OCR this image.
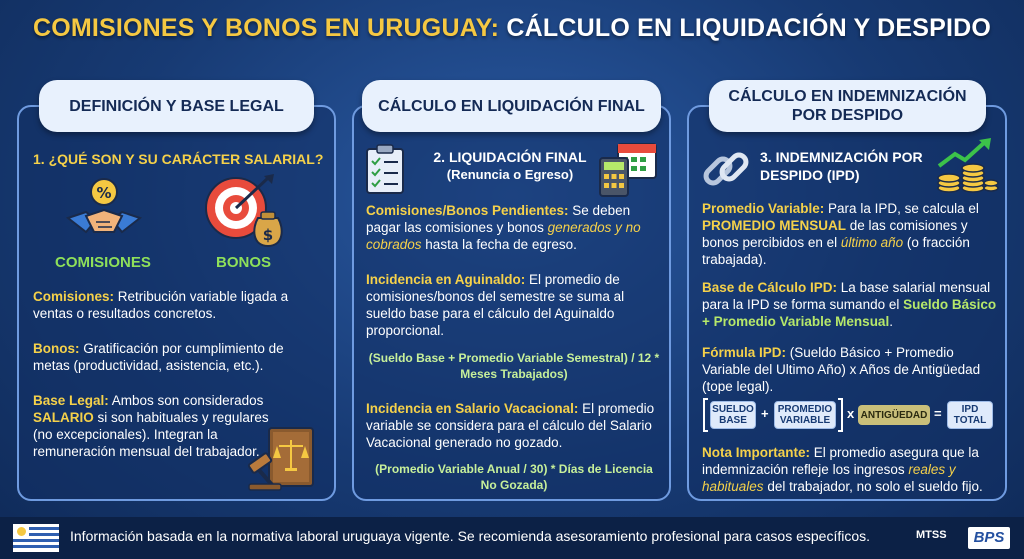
COMISIONES Y BONOS EN URUGUAY: CÁLCULO EN LIQUIDACIÓN Y DESPIDO
DEFINICIÓN Y BASE LEGAL	CÁLCULO EN LIQUIDACIÓN FINAL
CÁLCULO EN INDEMNIZACIÓN POR DESPIDO
1. ¿QUÉ SON Y SU CARÁCTER SALARIAL?
%
COMISIONES
$
BONOS
Comisiones: Retribución variable ligada a ventas o resultados concretos.
Bonos: Gratificación por cumplimiento de metas (productividad, asistencia, etc.).
Base Legal: Ambos son considerados SALARIO si son habituales y regulares (no excepcionales). Integran la remuneración mensual del trabajador.
2. LIQUIDACIÓN FINAL
(Renuncia o Egreso)
Comisiones/Bonos Pendientes: Se deben pagar las comisiones y bonos generados y no cobrados hasta la fecha de egreso.
Incidencia en Aguinaldo: El promedio de comisiones/bonos del semestre se suma al sueldo base para el cálculo del Aguinaldo proporcional.
(Sueldo Base + Promedio Variable Semestral) / 12 * Meses Trabajados)
Incidencia en Salario Vacacional: El promedio variable se considera para el cálculo del Salario Vacacional generado no gozado.
(Promedio Variable Anual / 30) * Días de Licencia No Gozada)
3. INDEMNIZACIÓN POR DESPIDO (IPD)
Promedio Variable: Para la IPD, se calcula el PROMEDIO MENSUAL de las comisiones y bonos percibidos en el último año (o fracción trabajada).
Base de Cálculo IPD: La base salarial mensual para la IPD se forma sumando el Sueldo Básico + Promedio Variable Mensual.
Fórmula IPD: (Sueldo Básico + Promedio Variable del Ultimo Año) x Años de Antigüedad (tope legal).
SUELDO BASE	+ PROMEDIO VARIABLE	x ANTIGÜEDAD =	IPD TOTAL
Nota Importante: El promedio asegura que la indemnización refleje los ingresos reales y habituales del trabajador, no solo el sueldo fijo.
Información basada en la normativa laboral uruguaya vigente. Se recomienda asesoramiento profesional para casos específicos.	MTSS	BPS
